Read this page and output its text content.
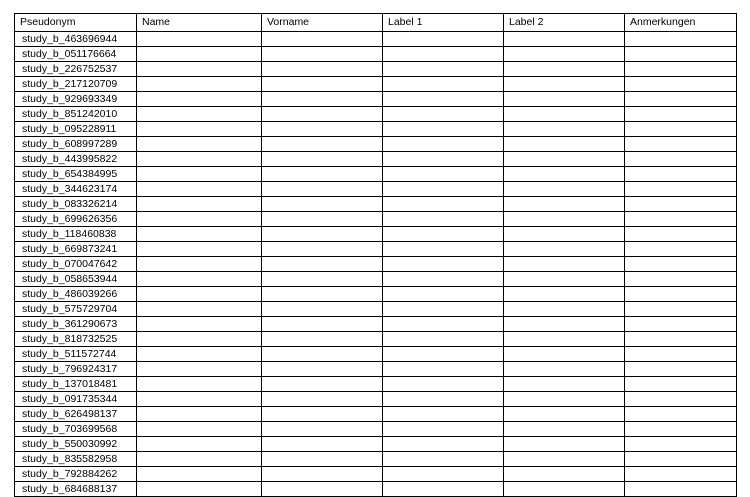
Pseudonym	Name	Vorname	Label 1	Label 2	Anmerkungen
study_b_463696944					
study_b_051176664					
study_b_226752537					
study_b_217120709					
study_b_929693349					
study_b_851242010					
study_b_095228911					
study_b_608997289					
study_b_443995822					
study_b_654384995					
study_b_344623174					
study_b_083326214					
study_b_699626356					
study_b_118460838					
study_b_669873241					
study_b_070047642					
study_b_058653944					
study_b_486039266					
study_b_575729704					
study_b_361290673					
study_b_818732525					
study_b_511572744					
study_b_796924317					
study_b_137018481					
study_b_091735344					
study_b_626498137					
study_b_703699568					
study_b_550030992					
study_b_835582958					
study_b_792884262					
study_b_684688137					
